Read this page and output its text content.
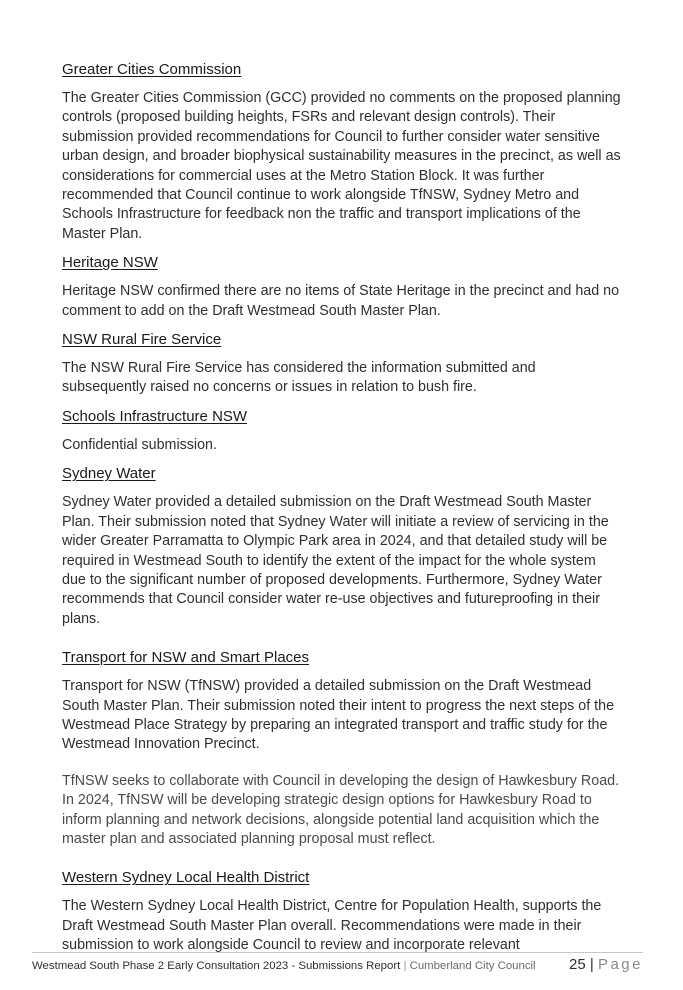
Greater Cities Commission

The Greater Cities Commission (GCC) provided no comments on the proposed planning controls (proposed building heights, FSRs and relevant design controls). Their submission provided recommendations for Council to further consider water sensitive urban design, and broader biophysical sustainability measures in the precinct, as well as considerations for commercial uses at the Metro Station Block. It was further recommended that Council continue to work alongside TfNSW, Sydney Metro and Schools Infrastructure for feedback non the traffic and transport implications of the Master Plan.

Heritage NSW

Heritage NSW confirmed there are no items of State Heritage in the precinct and had no comment to add on the Draft Westmead South Master Plan.

NSW Rural Fire Service

The NSW Rural Fire Service has considered the information submitted and subsequently raised no concerns or issues in relation to bush fire.

Schools Infrastructure NSW

Confidential submission.

Sydney Water

Sydney Water provided a detailed submission on the Draft Westmead South Master Plan. Their submission noted that Sydney Water will initiate a review of servicing in the wider Greater Parramatta to Olympic Park area in 2024, and that detailed study will be required in Westmead South to identify the extent of the impact for the whole system due to the significant number of proposed developments. Furthermore, Sydney Water recommends that Council consider water re-use objectives and futureproofing in their plans.

Transport for NSW and Smart Places

Transport for NSW (TfNSW) provided a detailed submission on the Draft Westmead South Master Plan. Their submission noted their intent to progress the next steps of the Westmead Place Strategy by preparing an integrated transport and traffic study for the Westmead Innovation Precinct.

TfNSW seeks to collaborate with Council in developing the design of Hawkesbury Road. In 2024, TfNSW will be developing strategic design options for Hawkesbury Road to inform planning and network decisions, alongside potential land acquisition which the master plan and associated planning proposal must reflect.

Western Sydney Local Health District

The Western Sydney Local Health District, Centre for Population Health, supports the Draft Westmead South Master Plan overall. Recommendations were made in their submission to work alongside Council to review and incorporate relevant

Westmead South Phase 2 Early Consultation 2023 - Submissions Report | Cumberland City Council 25 | Page
